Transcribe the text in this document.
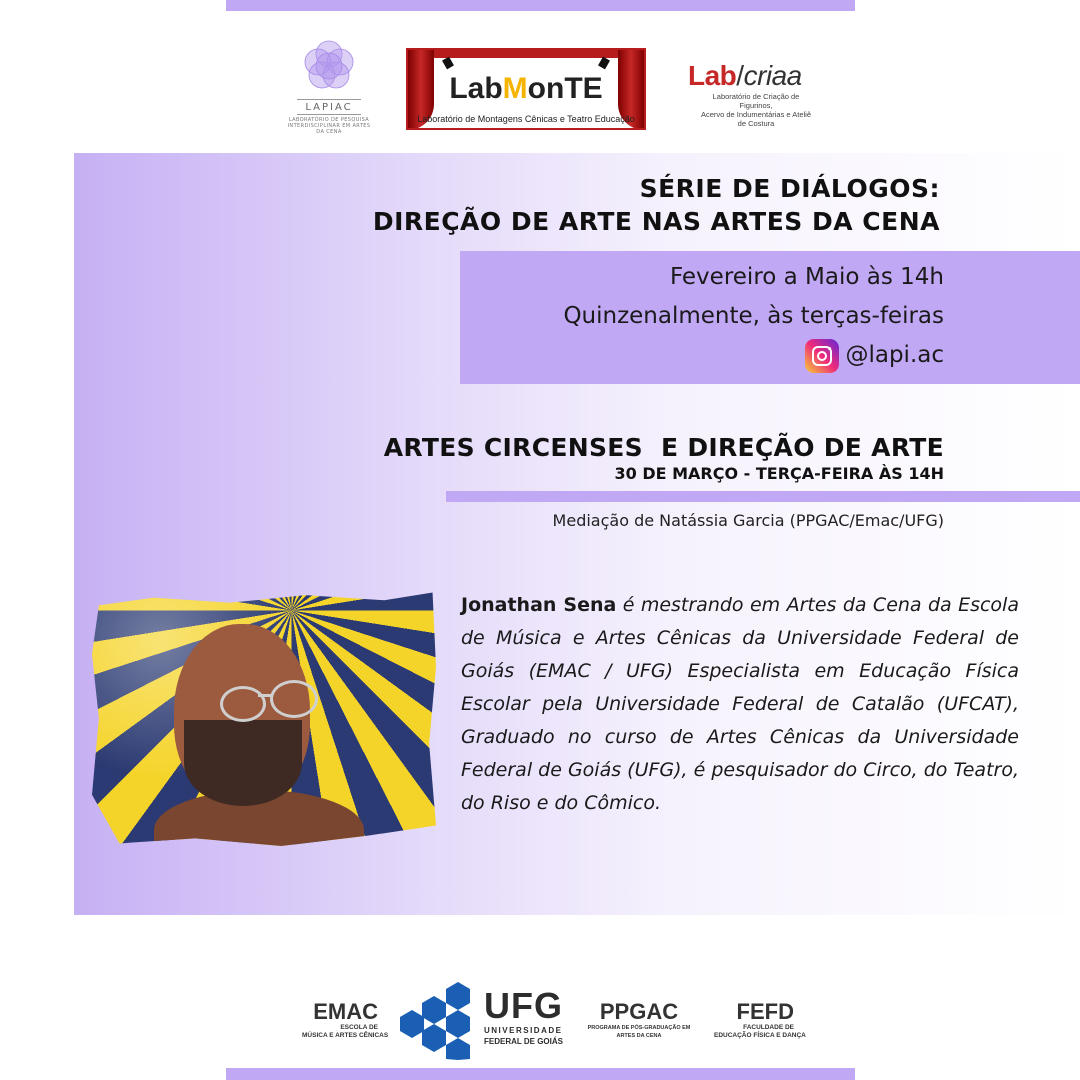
LAPIAC
LABORATÓRIO DE PESQUISA INTERDISCIPLINAR EM ARTES DA CENA
LabMonTE
Laboratório de Montagens Cênicas e Teatro Educação
Lab/criaa
Laboratório de Criação de Figurinos,
Acervo de Indumentárias e Ateliê de Costura
SÉRIE DE DIÁLOGOS:
DIREÇÃO DE ARTE NAS ARTES DA CENA
Fevereiro a Maio às 14h
Quinzenalmente, às terças-feiras
@lapi.ac
ARTES CIRCENSES  E DIREÇÃO DE ARTE
30 DE MARÇO - TERÇA-FEIRA ÀS 14H
Mediação de Natássia Garcia (PPGAC/Emac/UFG)
Jonathan Sena é mestrando em Artes da Cena da Escola de Música e Artes Cênicas da Universidade Federal de Goiás (EMAC / UFG) Especialista em Educação Física Escolar pela Universidade Federal de Catalão (UFCAT), Graduado no curso de Artes Cênicas da Universidade Federal de Goiás (UFG), é pesquisador do Circo, do Teatro, do Riso e do Cômico.
EMAC
ESCOLA DE
MÚSICA E ARTES CÊNICAS
UFG
UNIVERSIDADE
FEDERAL DE GOIÁS
PPGAC
PROGRAMA DE PÓS-GRADUAÇÃO EM
ARTES DA CENA
FEFD
FACULDADE DE
EDUCAÇÃO FÍSICA E DANÇA
